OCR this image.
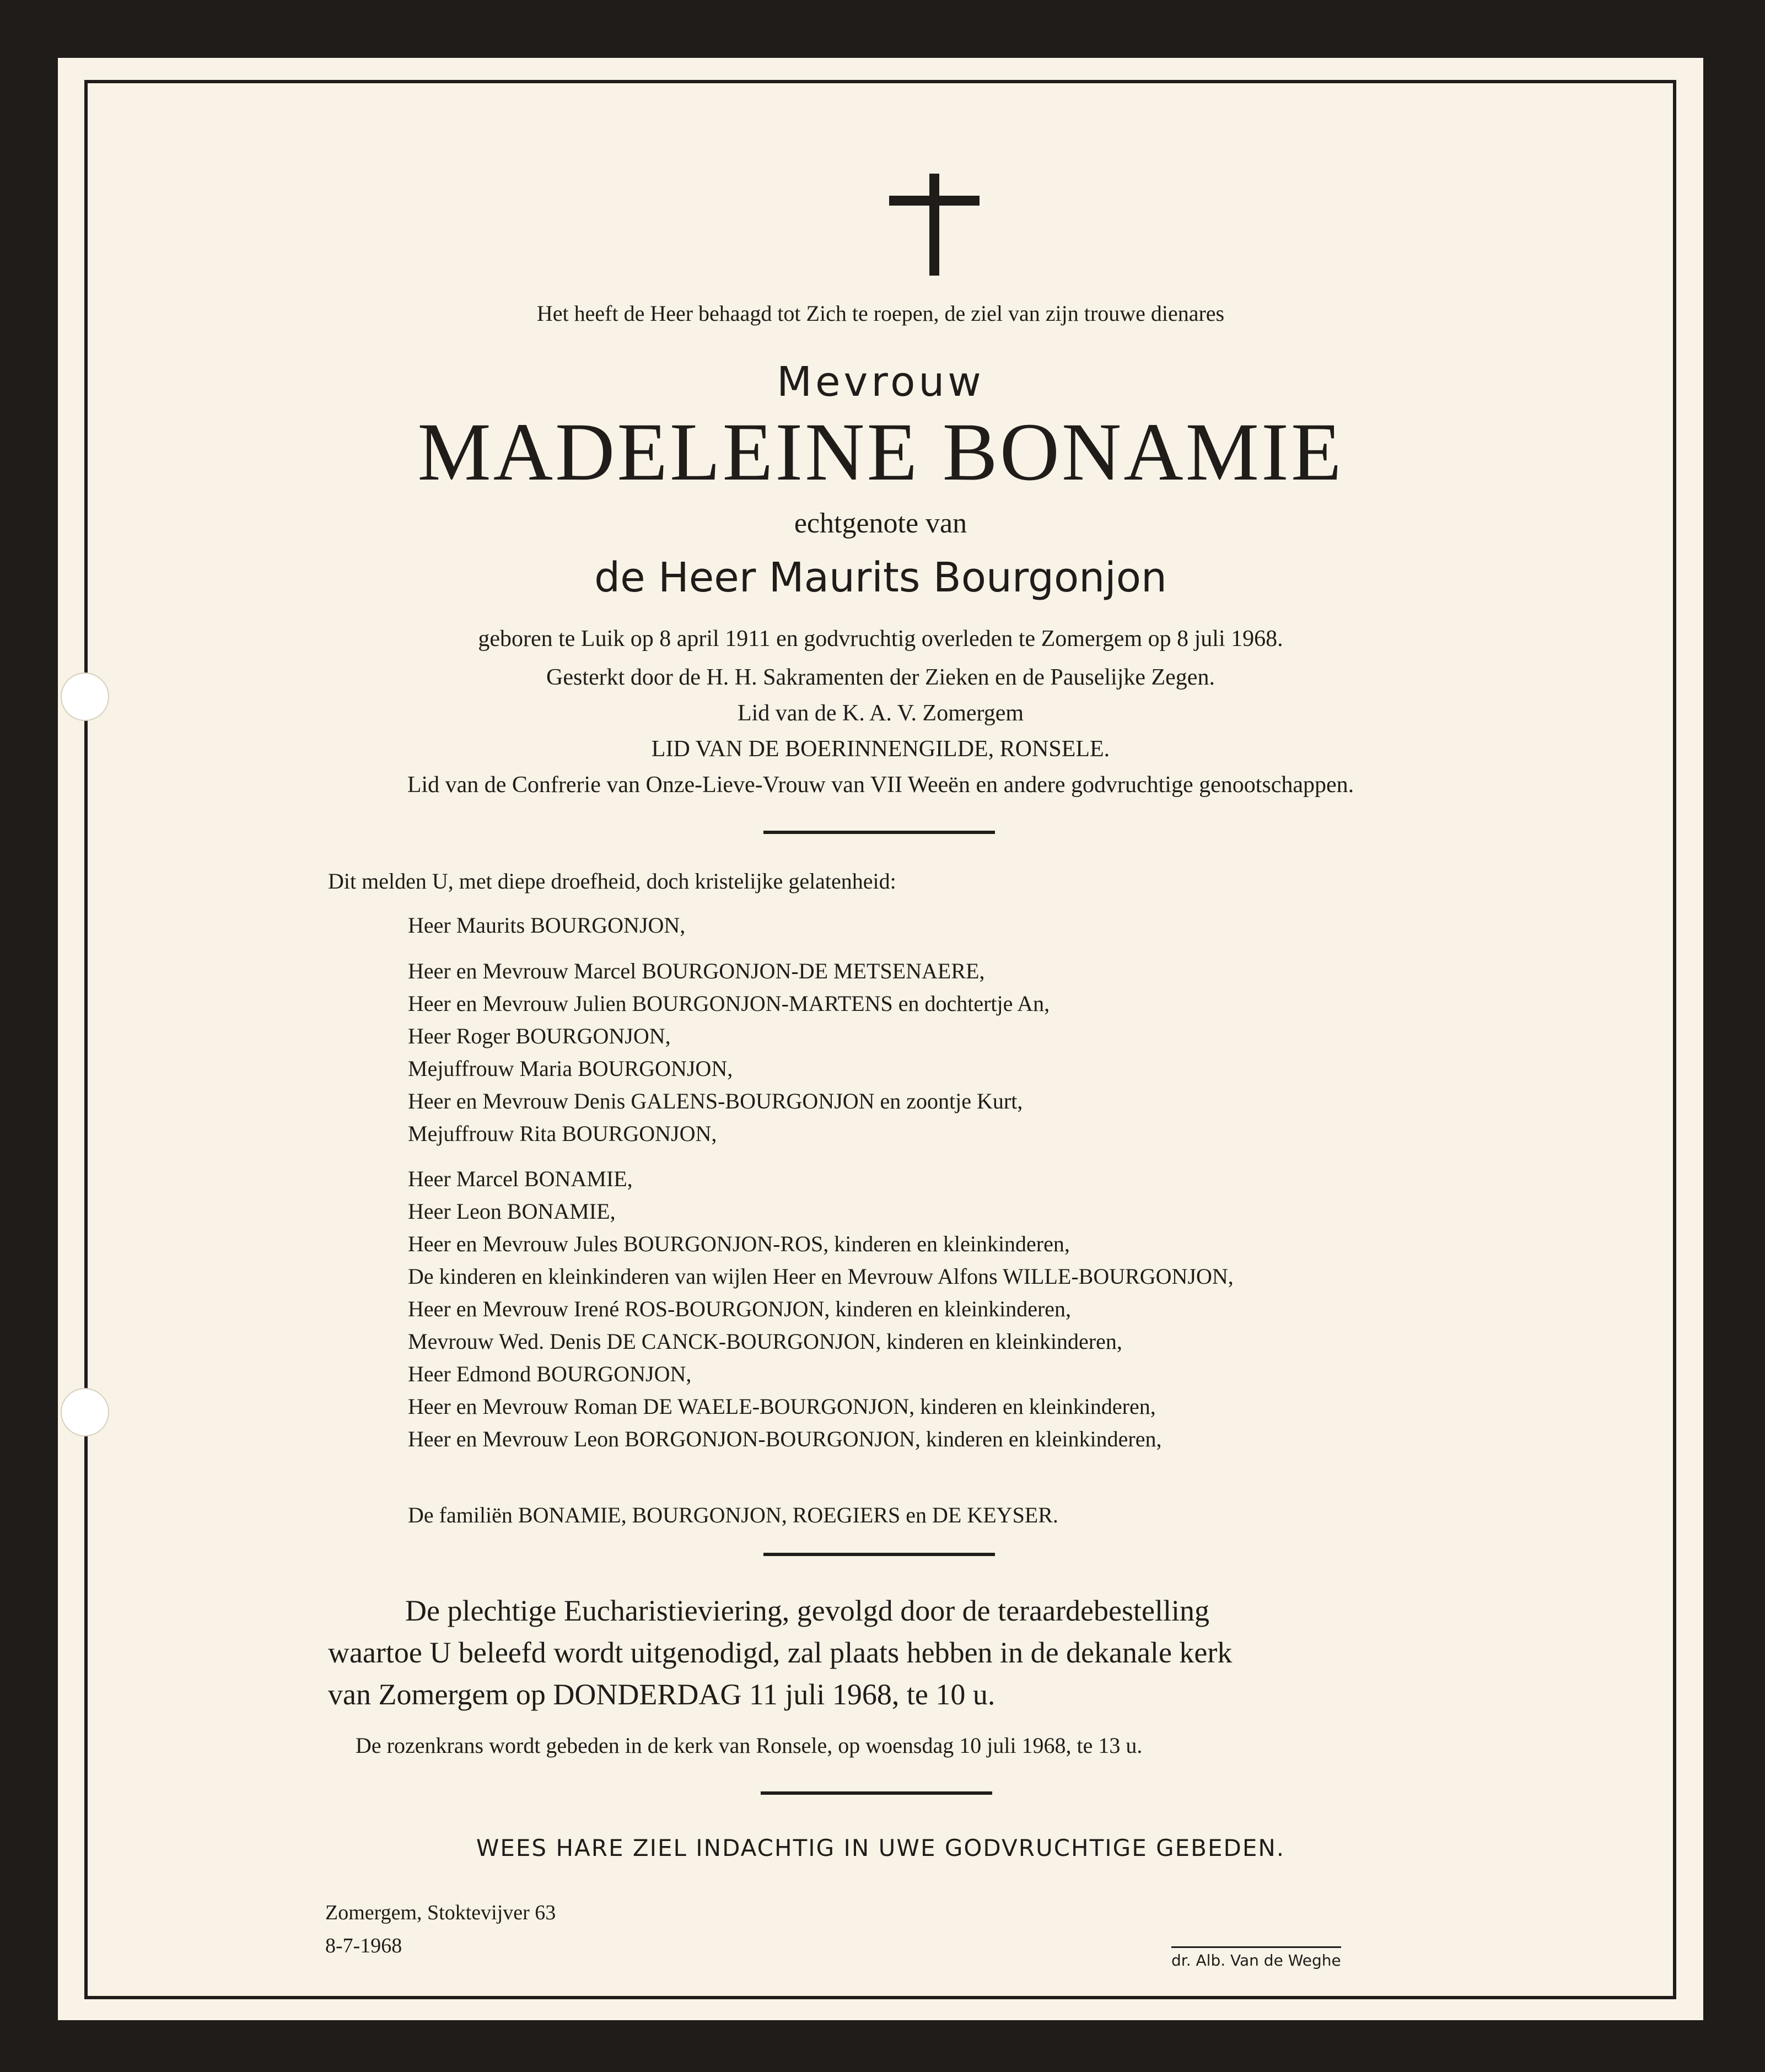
Het heeft de Heer behaagd tot Zich te roepen, de ziel van zijn trouwe dienares
Mevrouw
MADELEINE BONAMIE
echtgenote van
de Heer Maurits Bourgonjon
geboren te Luik op 8 april 1911 en godvruchtig overleden te Zomergem op 8 juli 1968.
Gesterkt door de H. H. Sakramenten der Zieken en de Pauselijke Zegen.
Lid van de K. A. V. Zomergem
LID VAN DE BOERINNENGILDE, RONSELE.
Lid van de Confrerie van Onze-Lieve-Vrouw van VII Weeën en andere godvruchtige genootschappen.
Dit melden U, met diepe droefheid, doch kristelijke gelatenheid:
Heer Maurits BOURGONJON,
Heer en Mevrouw Marcel BOURGONJON-DE METSENAERE,
Heer en Mevrouw Julien BOURGONJON-MARTENS en dochtertje An,
Heer Roger BOURGONJON,
Mejuffrouw Maria BOURGONJON,
Heer en Mevrouw Denis GALENS-BOURGONJON en zoontje Kurt,
Mejuffrouw Rita BOURGONJON,
Heer Marcel BONAMIE,
Heer Leon BONAMIE,
Heer en Mevrouw Jules BOURGONJON-ROS, kinderen en kleinkinderen,
De kinderen en kleinkinderen van wijlen Heer en Mevrouw Alfons WILLE-BOURGONJON,
Heer en Mevrouw Irené ROS-BOURGONJON, kinderen en kleinkinderen,
Mevrouw Wed. Denis DE CANCK-BOURGONJON, kinderen en kleinkinderen,
Heer Edmond BOURGONJON,
Heer en Mevrouw Roman DE WAELE-BOURGONJON, kinderen en kleinkinderen,
Heer en Mevrouw Leon BORGONJON-BOURGONJON, kinderen en kleinkinderen,
De familiën BONAMIE, BOURGONJON, ROEGIERS en DE KEYSER.
De plechtige Eucharistieviering, gevolgd door de teraardebestelling
waartoe U beleefd wordt uitgenodigd, zal plaats hebben in de dekanale kerk
van Zomergem op DONDERDAG 11 juli 1968, te 10 u.
De rozenkrans wordt gebeden in de kerk van Ronsele, op woensdag 10 juli 1968, te 13 u.
WEES HARE ZIEL INDACHTIG IN UWE GODVRUCHTIGE GEBEDEN.
Zomergem, Stoktevijver 63
8-7-1968
dr. Alb. Van de Weghe
